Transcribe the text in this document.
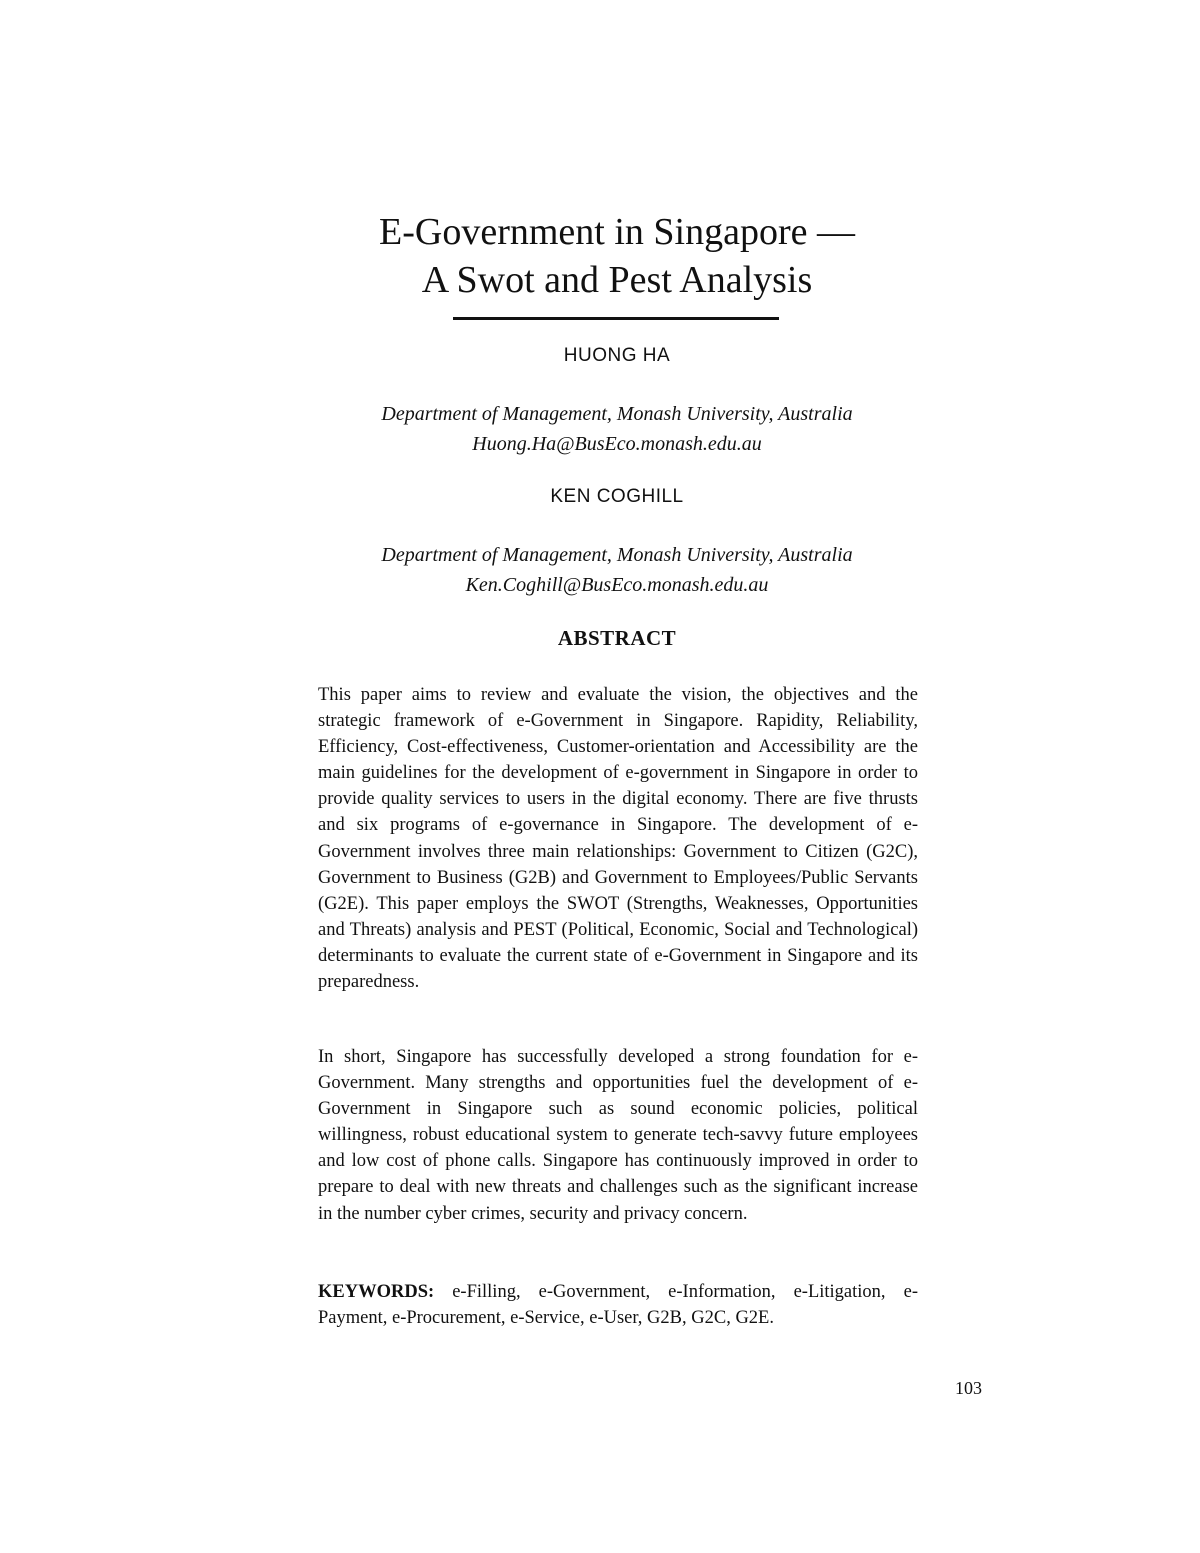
E-Government in Singapore —
A Swot and Pest Analysis
HUONG HA
Department of Management, Monash University, Australia
Huong.Ha@BusEco.monash.edu.au
KEN COGHILL
Department of Management, Monash University, Australia
Ken.Coghill@BusEco.monash.edu.au
ABSTRACT

This paper aims to review and evaluate the vision, the objectives and the strategic framework of e-Government in Singapore. Rapidity, Reliability, Efficiency, Cost-effectiveness, Customer-orientation and Accessibility are the main guidelines for the development of e-government in Singapore in order to provide quality services to users in the digital economy. There are five thrusts and six programs of e-governance in Singapore. The development of e-Government involves three main relationships: Government to Citizen (G2C), Government to Business (G2B) and Government to Employees/Public Servants (G2E). This paper employs the SWOT (Strengths, Weaknesses, Opportunities and Threats) analysis and PEST (Political, Economic, Social and Technological) determinants to evaluate the current state of e-Government in Singapore and its preparedness.

In short, Singapore has successfully developed a strong foundation for e-Government. Many strengths and opportunities fuel the development of e-Government in Singapore such as sound economic policies, political willingness, robust educational system to generate tech-savvy future employees and low cost of phone calls. Singapore has continuously improved in order to prepare to deal with new threats and challenges such as the significant increase in the number cyber crimes, security and privacy concern.

KEYWORDS: e-Filling, e-Government, e-Information, e-Litigation, e-Payment, e-Procurement, e-Service, e-User, G2B, G2C, G2E.

103
